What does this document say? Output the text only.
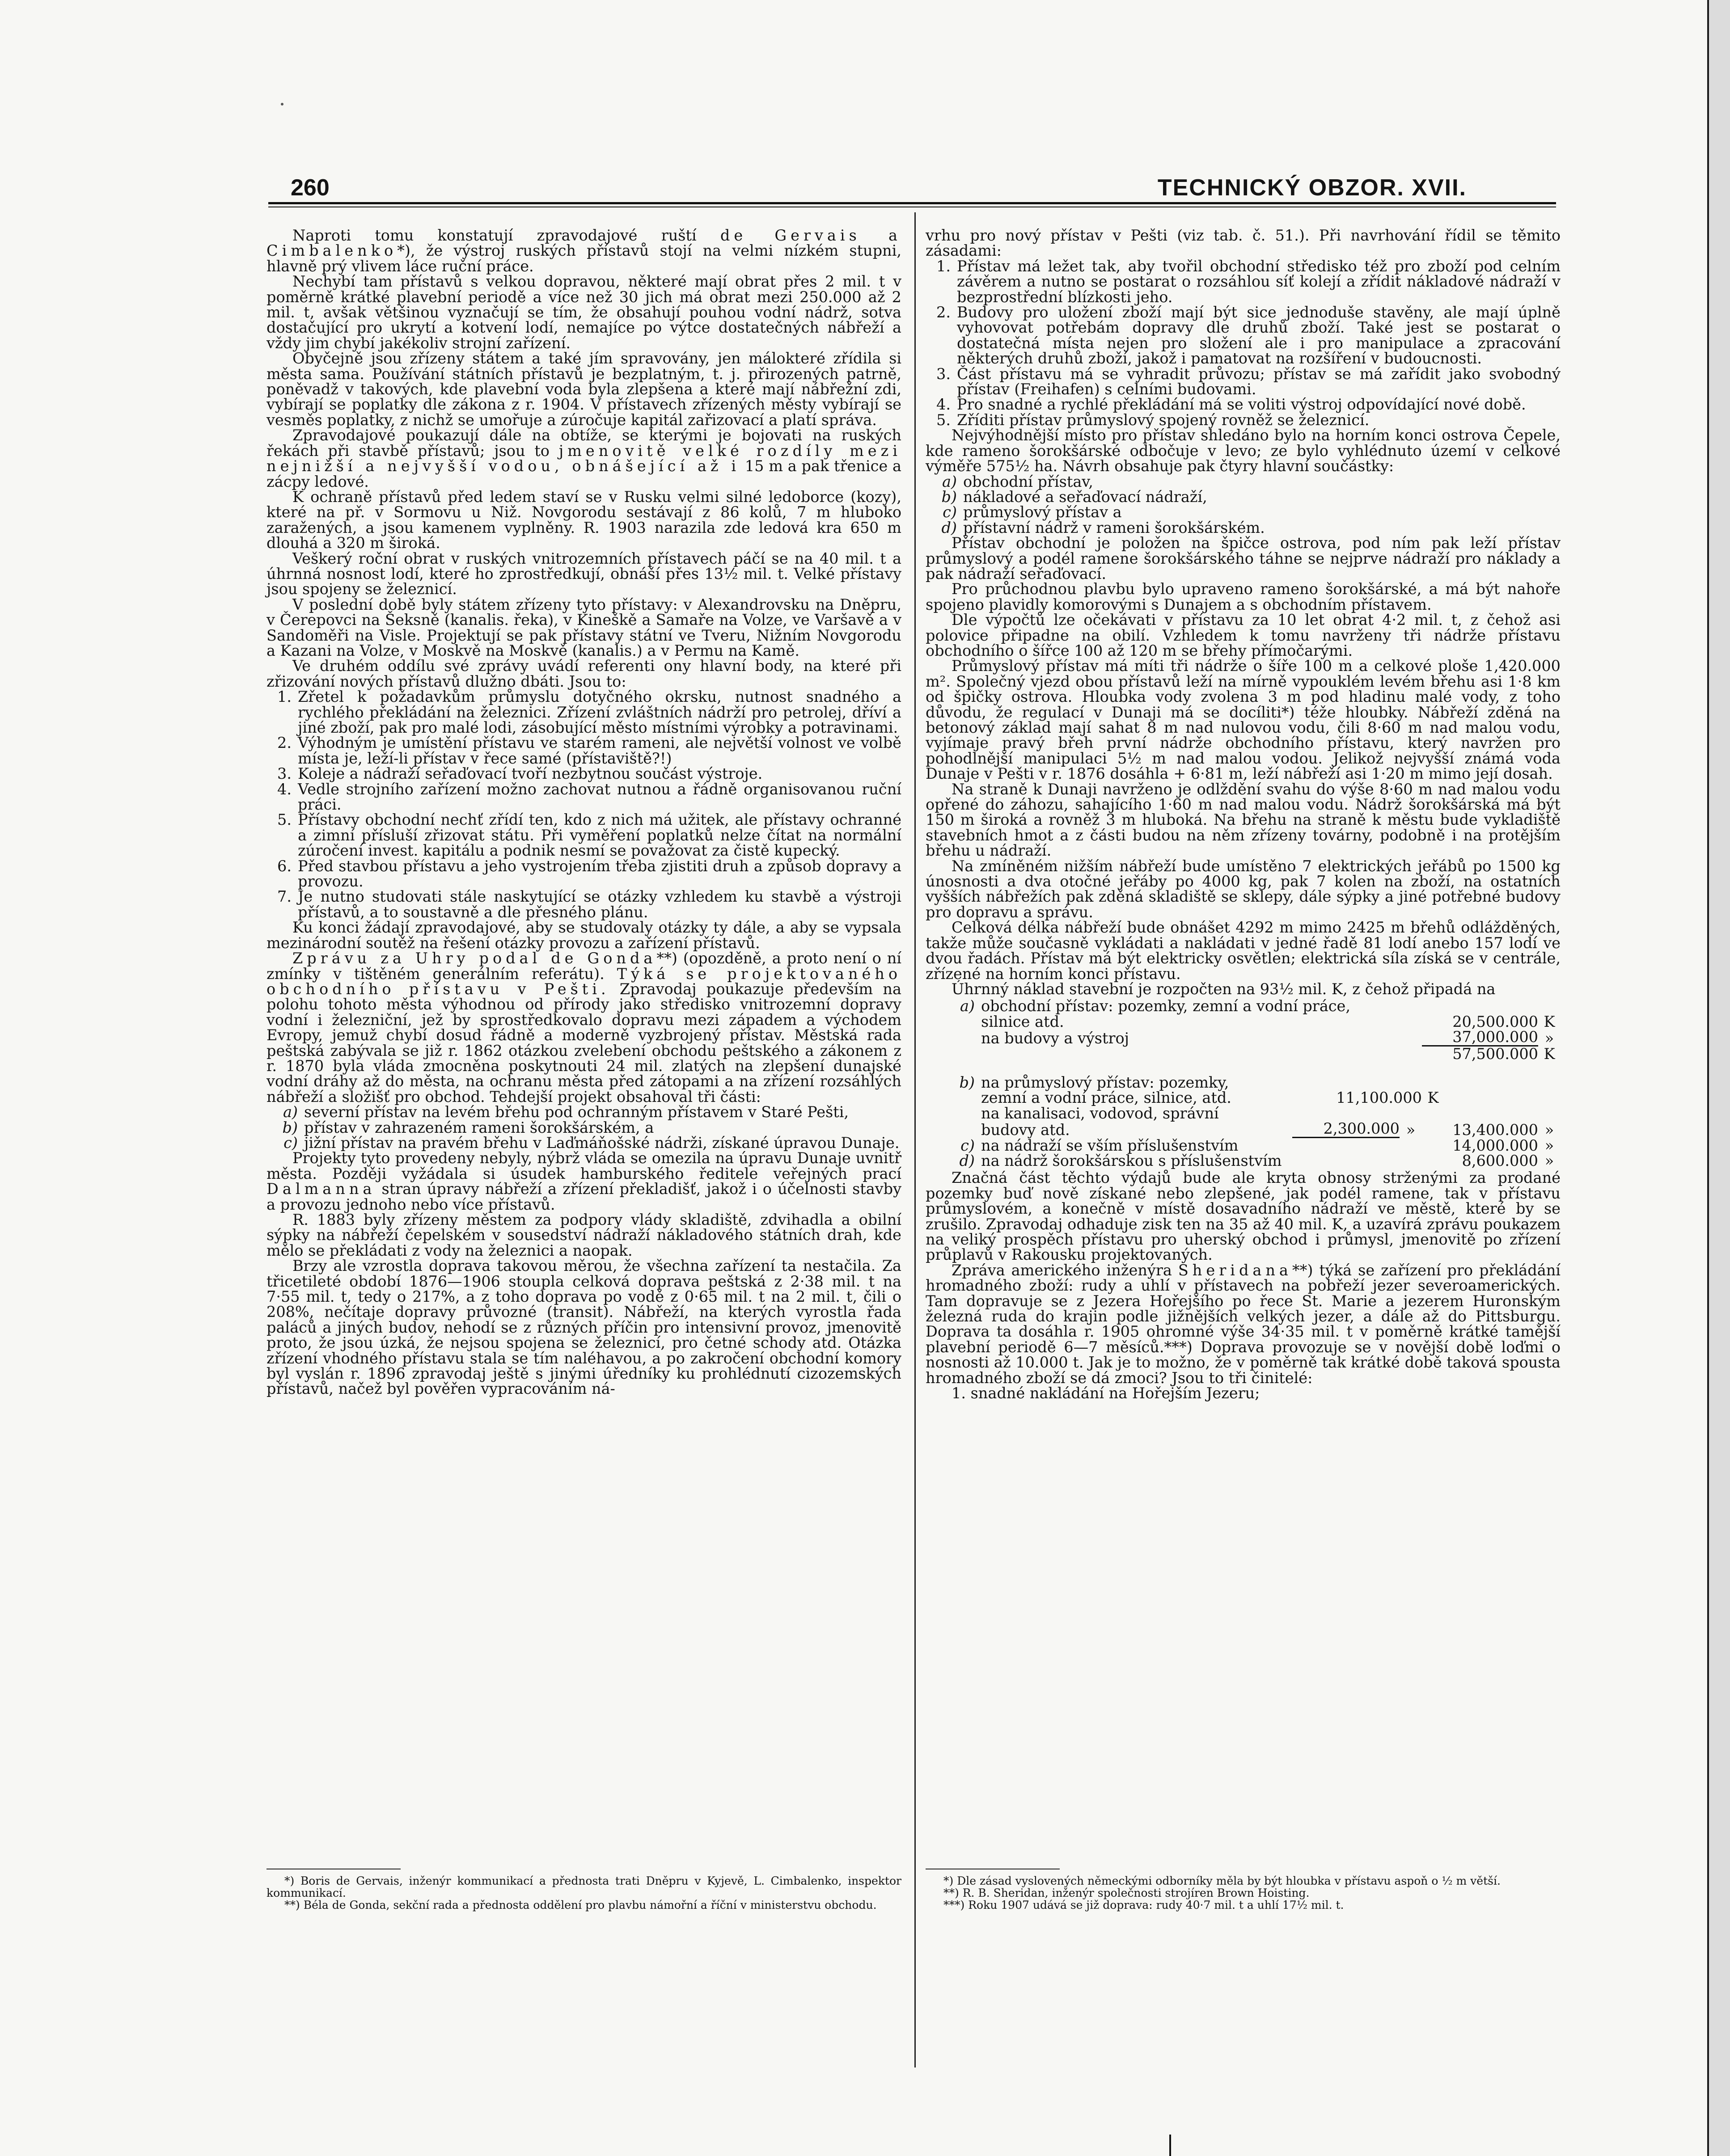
260	TECHNICKÝ OBZOR. XVII.

Naproti tomu konstatují zpravodajové ruští de Gervais a Cimbalenko*), že výstroj ruských přístavů stojí na velmi nízkém stupni, hlavně prý vlivem láce ruční práce.

Nechybí tam přístavů s velkou dopravou, některé mají obrat přes 2 mil. t v poměrně krátké plavební periodě a více než 30 jich má obrat mezi 250.000 až 2 mil. t, avšak většinou vyznačují se tím, že obsahují pouhou vodní nádrž, sotva dostačující pro ukrytí a kotvení lodí, nemajíce po výtce dostatečných nábřeží a vždy jim chybí jakékoliv strojní zařízení.

Obyčejně jsou zřízeny státem a také jím spravovány, jen málokteré zřídila si města sama. Používání státních přístavů je bezplatným, t. j. přirozených patrně, poněvadž v takových, kde plavební voda byla zlepšena a které mají nábřežní zdi, vybírají se poplatky dle zákona z r. 1904. V přístavech zřízených městy vybírají se vesměs poplatky, z nichž se umořuje a zúročuje kapitál zařizovací a platí správa.

Zpravodajové poukazují dále na obtíže, se kterými je bojovati na ruských řekách při stavbě přístavů; jsou to jmenovitě velké rozdíly mezi nejnižší a nejvyšší vodou, obnášející až i 15 m a pak třenice a zácpy ledové.

K ochraně přístavů před ledem staví se v Rusku velmi silné ledoborce (kozy), které na př. v Sormovu u Niž. Novgorodu sestávají z 86 kolů, 7 m hluboko zaražených, a jsou kamenem vyplněny. R. 1903 narazila zde ledová kra 650 m dlouhá a 320 m široká.

Veškerý roční obrat v ruských vnitrozemních přístavech páčí se na 40 mil. t a úhrnná nosnost lodí, které ho zprostředkují, obnáší přes 13½ mil. t. Velké přístavy jsou spojeny se železnicí.

V poslední době byly státem zřízeny tyto přístavy: v Alexandrovsku na Dněpru, v Čerepovci na Šeksně (kanalis. řeka), v Kineškě a Samaře na Volze, ve Varšavě a v Sandoměři na Visle. Projektují se pak přístavy státní ve Tveru, Nižním Novgorodu a Kazani na Volze, v Moskvě na Moskvě (kanalis.) a v Permu na Kamě.

Ve druhém oddílu své zprávy uvádí referenti ony hlavní body, na které při zřizování nových přístavů dlužno dbáti. Jsou to:

1. Zřetel k požadavkům průmyslu dotyčného okrsku, nutnost snadného a rychlého překládání na železnici. Zřízení zvláštních nádrží pro petrolej, dříví a jiné zboží, pak pro malé lodi, zásobující město místními výrobky a potravinami.
2. Výhodným je umístění přístavu ve starém rameni, ale největší volnost ve volbě místa je, leží-li přístav v řece samé (přístaviště?!)
3. Koleje a nádraží seřaďovací tvoří nezbytnou součást výstroje.
4. Vedle strojního zařízení možno zachovat nutnou a řádně organisovanou ruční práci.
5. Přístavy obchodní nechť zřídí ten, kdo z nich má užitek, ale přístavy ochranné a zimní přísluší zřizovat státu. Při vyměření poplatků nelze čítat na normální zúročení invest. kapitálu a podnik nesmí se považovat za čistě kupecký.
6. Před stavbou přístavu a jeho vystrojením třeba zjistiti druh a způsob dopravy a provozu.
7. Je nutno studovati stále naskytující se otázky vzhledem ku stavbě a výstroji přístavů, a to soustavně a dle přesného plánu.

Ku konci žádají zpravodajové, aby se studovaly otázky ty dále, a aby se vypsala mezinárodní soutěž na řešení otázky provozu a zařízení přístavů.

Zprávu za Uhry podal de Gonda**) (opozděně, a proto není o ní zmínky v tištěném generálním referátu). Týká se projektovaného obchodního přístavu v Pešti. Zpravodaj poukazuje především na polohu tohoto města výhodnou od přírody jako středisko vnitrozemní dopravy vodní i železniční, jež by sprostředkovalo dopravu mezi západem a východem Evropy, jemuž chybí dosud řádně a moderně vyzbrojený přístav. Městská rada peštská zabývala se již r. 1862 otázkou zvelebení obchodu peštského a zákonem z r. 1870 byla vláda zmocněna poskytnouti 24 mil. zlatých na zlepšení dunajské vodní dráhy až do města, na ochranu města před zátopami a na zřízení rozsáhlých nábřeží a složišť pro obchod. Tehdejší projekt obsahoval tři části:

a) severní přístav na levém břehu pod ochranným přístavem v Staré Pešti,
b) přístav v zahrazeném rameni šorokšárském, a
c) jižní přístav na pravém břehu v Laďmáňošské nádrži, získané úpravou Dunaje.

Projekty tyto provedeny nebyly, nýbrž vláda se omezila na úpravu Dunaje uvnitř města. Později vyžádala si úsudek hamburského ředitele veřejných prací Dalmanna stran úpravy nábřeží a zřízení překladišť, jakož i o účelnosti stavby a provozu jednoho nebo více přístavů.

R. 1883 byly zřízeny městem za podpory vlády skladiště, zdvihadla a obilní sýpky na nábřeží čepelském v sousedství nádraží nákladového státních drah, kde mělo se překládati z vody na železnici a naopak.

Brzy ale vzrostla doprava takovou měrou, že všechna zařízení ta nestačila. Za třicetileté období 1876—1906 stoupla celková doprava peštská z 2·38 mil. t na 7·55 mil. t, tedy o 217%, a z toho doprava po vodě z 0·65 mil. t na 2 mil. t, čili o 208%, nečítaje dopravy průvozné (transit). Nábřeží, na kterých vyrostla řada paláců a jiných budov, nehodí se z různých příčin pro intensivní provoz, jmenovitě proto, že jsou úzká, že nejsou spojena se železnicí, pro četné schody atd. Otázka zřízení vhodného přístavu stala se tím naléhavou, a po zakročení obchodní komory byl vyslán r. 1896 zpravodaj ještě s jinými úředníky ku prohlédnutí cizozemských přístavů, načež byl pověřen vypracováním ná-

*) Boris de Gervais, inženýr kommunikací a přednosta trati Dněpru v Kyjevě, L. Cimbalenko, inspektor kommunikací.

**) Béla de Gonda, sekční rada a přednosta oddělení pro plavbu námořní a říční v ministerstvu obchodu.

vrhu pro nový přístav v Pešti (viz tab. č. 51.). Při navrhování řídil se těmito zásadami:

1. Přístav má ležet tak, aby tvořil obchodní středisko též pro zboží pod celním závěrem a nutno se postarat o rozsáhlou síť kolejí a zřídit nákladové nádraží v bezprostřední blízkosti jeho.
2. Budovy pro uložení zboží mají být sice jednoduše stavěny, ale mají úplně vyhovovat potřebám dopravy dle druhů zboží. Také jest se postarat o dostatečná místa nejen pro složení ale i pro manipulace a zpracování některých druhů zboží, jakož i pamatovat na rozšíření v budoucnosti.
3. Část přístavu má se vyhradit průvozu; přístav se má zařídit jako svobodný přístav (Freihafen) s celními budovami.
4. Pro snadné a rychlé překládání má se voliti výstroj odpovídající nové době.
5. Zříditi přístav průmyslový spojený rovněž se železnicí.

Nejvýhodnější místo pro přístav shledáno bylo na horním konci ostrova Čepele, kde rameno šorokšárské odbočuje v levo; ze bylo vyhlédnuto území v celkové výměře 575½ ha. Návrh obsahuje pak čtyry hlavní součástky:

a) obchodní přístav,
b) nákladové a seřaďovací nádraží,
c) průmyslový přístav a
d) přístavní nádrž v rameni šorokšárském.

Přístav obchodní je položen na špičce ostrova, pod ním pak leží přístav průmyslový a podél ramene šorokšárského táhne se nejprve nádraží pro náklady a pak nádraží seřaďovací.

Pro průchodnou plavbu bylo upraveno rameno šorokšárské, a má být nahoře spojeno plavidly komorovými s Dunajem a s obchodním přístavem.

Dle výpočtů lze očekávati v přístavu za 10 let obrat 4·2 mil. t, z čehož asi polovice připadne na obilí. Vzhledem k tomu navrženy tři nádrže přístavu obchodního o šířce 100 až 120 m se břehy přímočarými.

Průmyslový přístav má míti tři nádrže o šíře 100 m a celkové ploše 1,420.000 m². Společný vjezd obou přístavů leží na mírně vypouklém levém břehu asi 1·8 km od špičky ostrova. Hloubka vody zvolena 3 m pod hladinu malé vody, z toho důvodu, že regulací v Dunaji má se docíliti*) téže hloubky. Nábřeží zděná na betonový základ mají sahat 8 m nad nulovou vodu, čili 8·60 m nad malou vodu, vyjímaje pravý břeh první nádrže obchodního přístavu, který navržen pro pohodlnější manipulaci 5½ m nad malou vodou. Jelikož nejvyšší známá voda Dunaje v Pešti v r. 1876 dosáhla + 6·81 m, leží nábřeží asi 1·20 m mimo její dosah.

Na straně k Dunaji navrženo je odlždění svahu do výše 8·60 m nad malou vodu opřené do záhozu, sahajícího 1·60 m nad malou vodu. Nádrž šorokšárská má být 150 m široká a rovněž 3 m hluboká. Na břehu na straně k městu bude vykladiště stavebních hmot a z části budou na něm zřízeny továrny, podobně i na protějším břehu u nádraží.

Na zmíněném nižším nábřeží bude umístěno 7 elektrických jeřábů po 1500 kg únosnosti a dva otočné jeřáby po 4000 kg, pak 7 kolen na zboží, na ostatních vyšších nábřežích pak zděná skladiště se sklepy, dále sýpky a jiné potřebné budovy pro dopravu a správu.

Celková délka nábřeží bude obnášet 4292 m mimo 2425 m břehů odlážděných, takže může současně vykládati a nakládati v jedné řadě 81 lodí anebo 157 lodí ve dvou řadách. Přístav má být elektricky osvětlen; elektrická síla získá se v centrále, zřízené na horním konci přístavu.

Úhrnný náklad stavební je rozpočten na 93½ mil. K, z čehož připadá na

a) obchodní přístav: pozemky, zemní a vodní práce,
silnice atd.	20,500.000 K
na budovy a výstroj	37,000.000 »
57,500.000 K
b) na průmyslový přístav: pozemky,
zemní a vodní práce, silnice, atd.	11,100.000 K
na kanalisaci, vodovod, správní
budovy atd.	2,300.000 »	13,400.000 »
c) na nádraží se vším příslušenstvím	14,000.000 »
d) na nádrž šorokšárskou s příslušenstvím	8,600.000 »

Značná část těchto výdajů bude ale kryta obnosy strženými za prodané pozemky buď nově získané nebo zlepšené, jak podél ramene, tak v přístavu průmyslovém, a konečně v místě dosavadního nádraží ve městě, které by se zrušilo. Zpravodaj odhaduje zisk ten na 35 až 40 mil. K, a uzavírá zprávu poukazem na veliký prospěch přístavu pro uherský obchod i průmysl, jmenovitě po zřízení průplavů v Rakousku projektovaných.

Zpráva amerického inženýra Sheridana**) týká se zařízení pro překládání hromadného zboží: rudy a uhlí v přístavech na pobřeží jezer severoamerických. Tam dopravuje se z Jezera Hořejšího po řece St. Marie a jezerem Huronským železná ruda do krajin podle jižnějších velkých jezer, a dále až do Pittsburgu. Doprava ta dosáhla r. 1905 ohromné výše 34·35 mil. t v poměrně krátké tamější plavební periodě 6—7 měsíců.***) Doprava provozuje se v novější době loďmi o nosnosti až 10.000 t. Jak je to možno, že v poměrně tak krátké době taková spousta hromadného zboží se dá zmoci? Jsou to tři činitelé:

1. snadné nakládání na Hořejším Jezeru;

*) Dle zásad vyslovených německými odborníky měla by být hloubka v přístavu aspoň o ½ m větší.

**) R. B. Sheridan, inženýr společnosti strojíren Brown Hoisting.

***) Roku 1907 udává se již doprava: rudy 40·7 mil. t a uhlí 17½ mil. t.
